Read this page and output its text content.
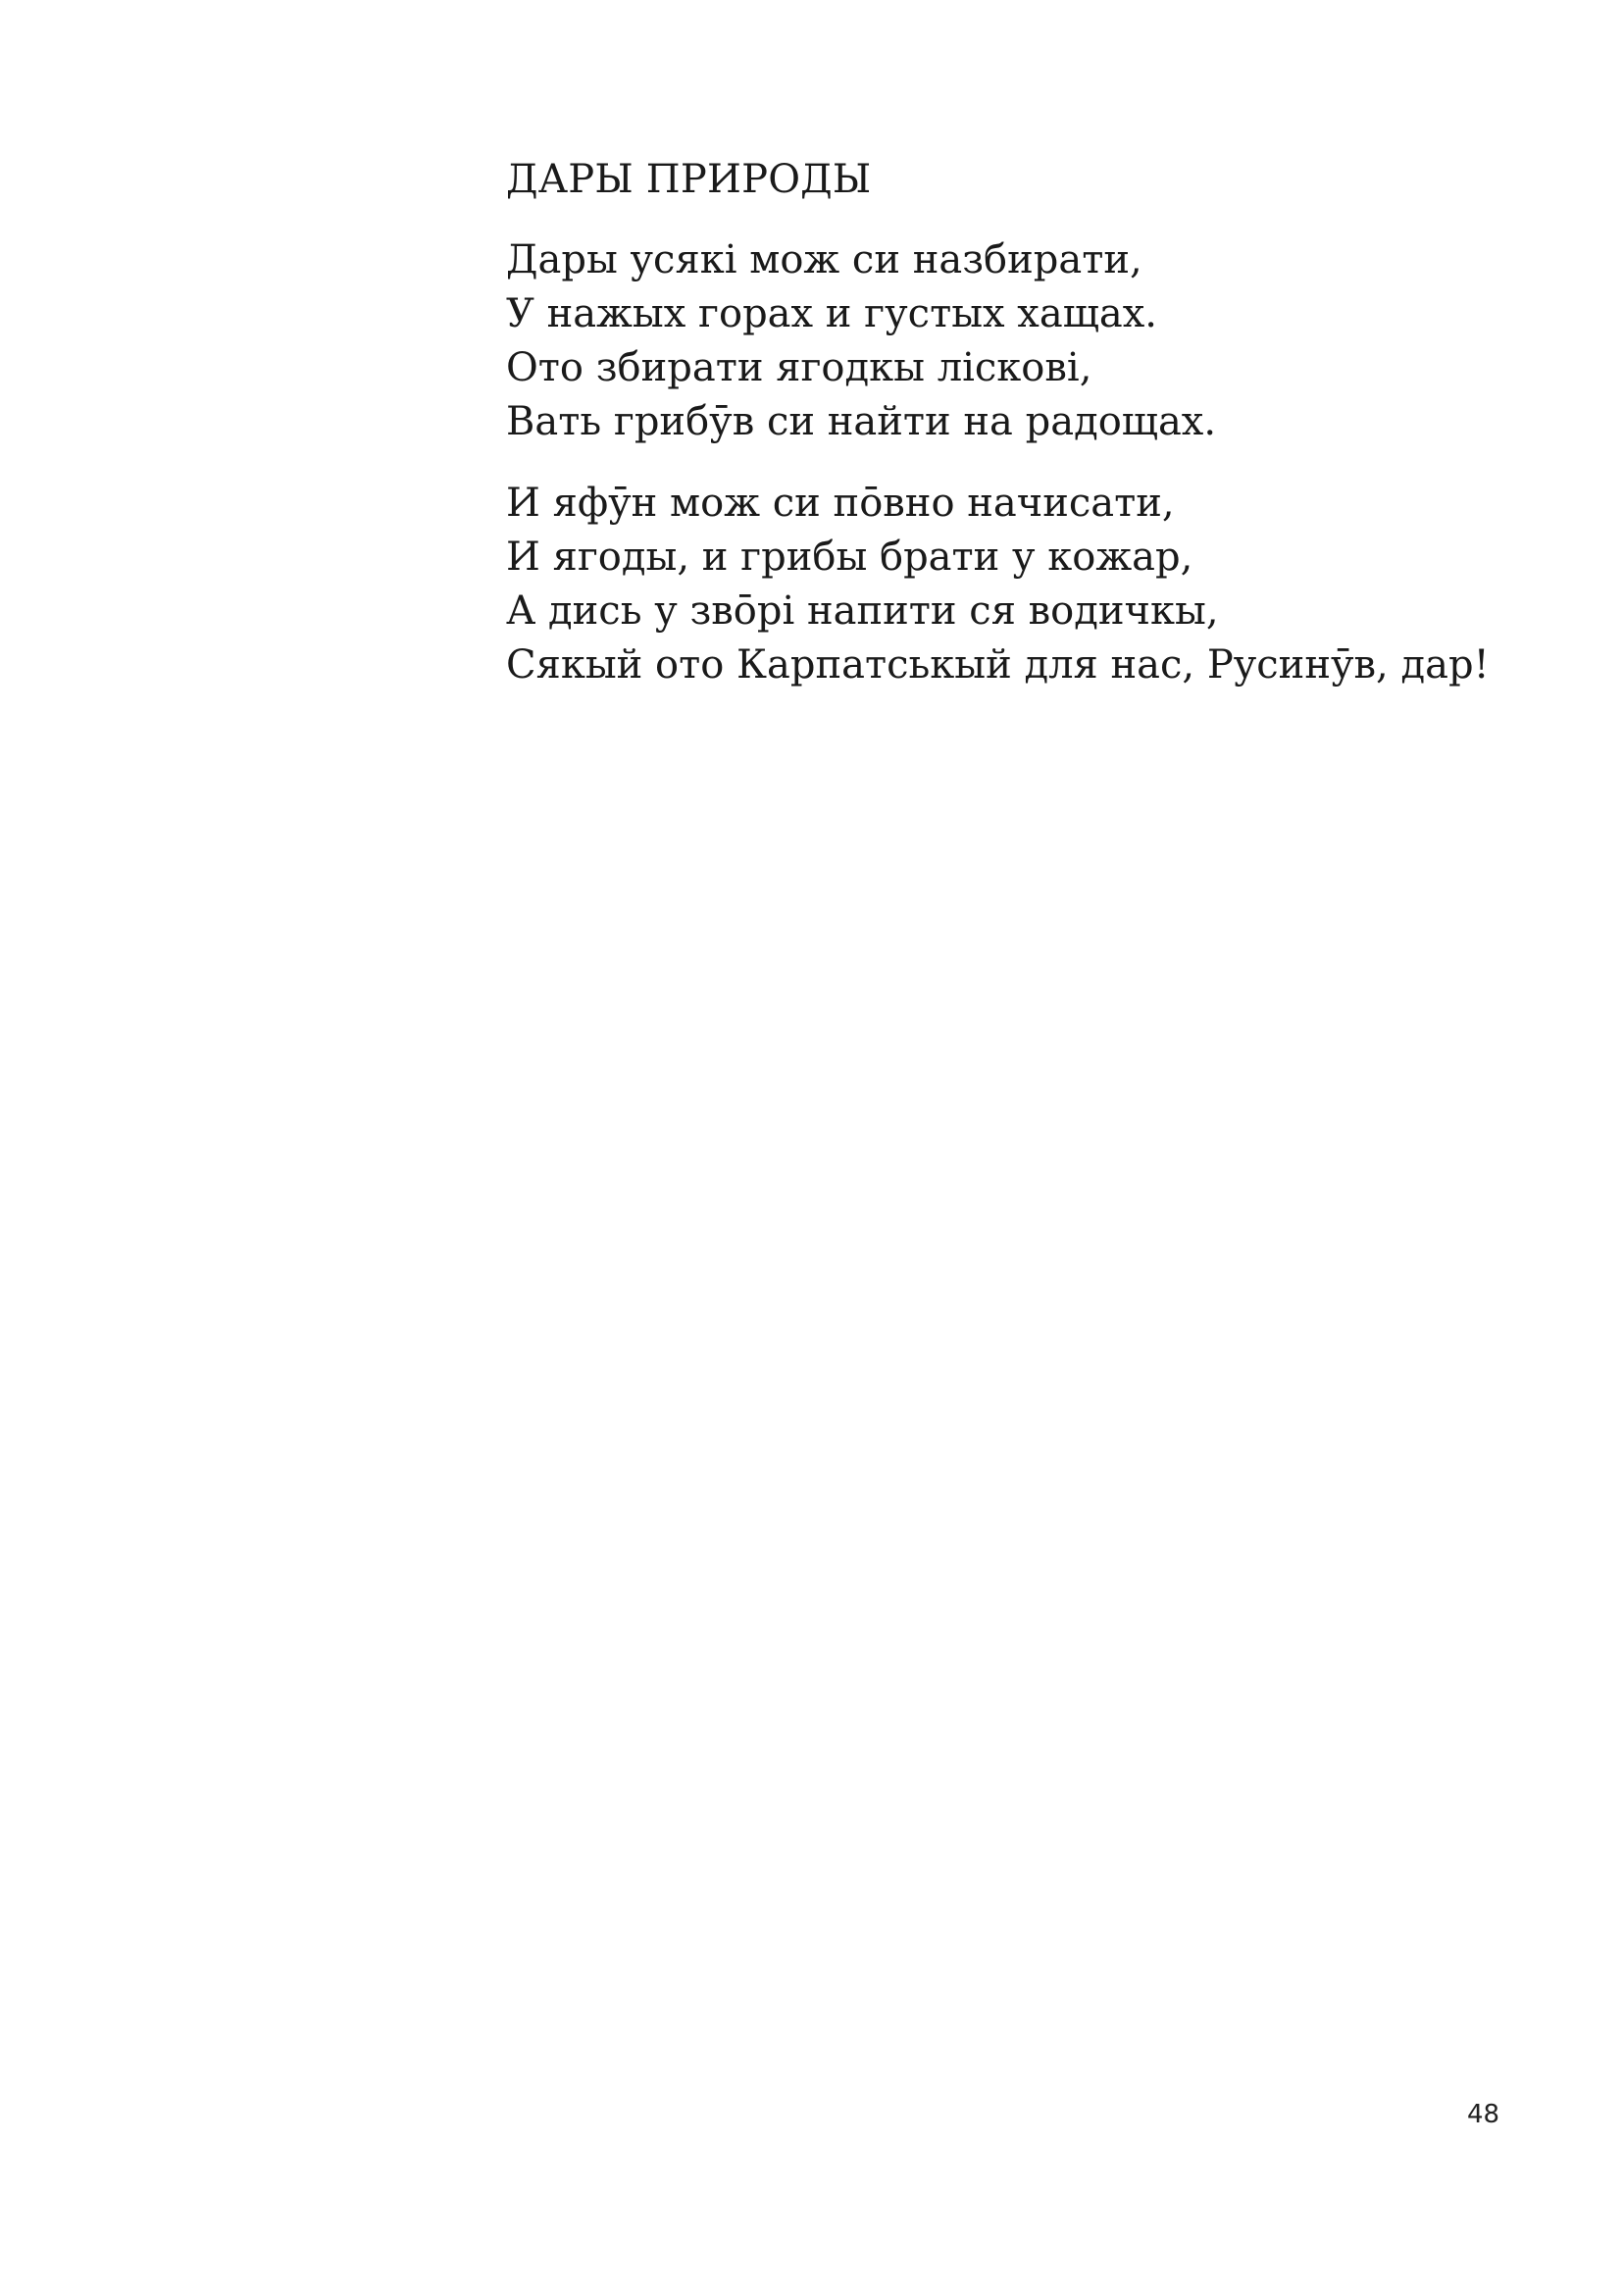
ДАРЫ ПРИРОДЫ
Дары усякі мож си назбирати,
У нажых горах и густых хащах.
Ото збирати ягодкы ліскові,
Вать грибӯв си найти на радощах.
И яфӯн мож си пōвно начисати,
И ягоды, и грибы брати у кожар,
А дись у звōрі напити ся водичкы,
Сякый ото Карпатськый для нас, Русинӯв, дар!
48
